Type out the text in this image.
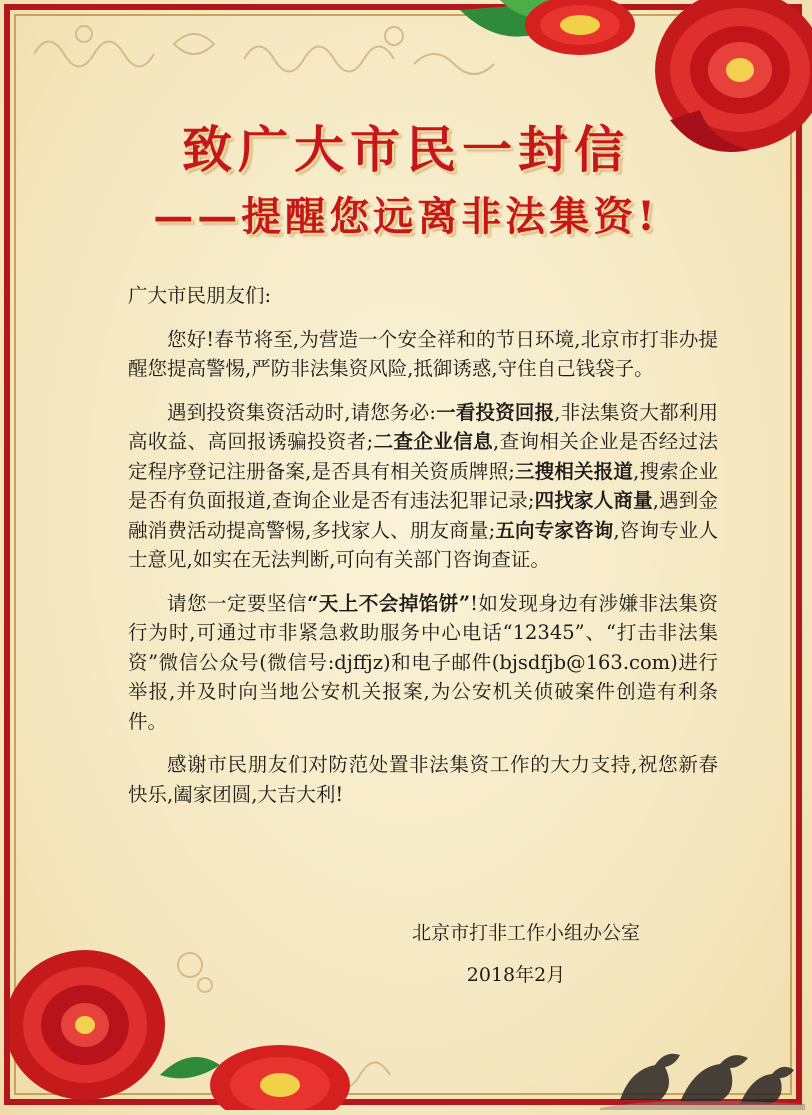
致广大市民一封信
——提醒您远离非法集资!

广大市民朋友们:

您好!春节将至,为营造一个安全祥和的节日环境,北京市打非办提醒您提高警惕,严防非法集资风险,抵御诱惑,守住自己钱袋子。

遇到投资集资活动时,请您务必:一看投资回报,非法集资大都利用高收益、高回报诱骗投资者;二查企业信息,查询相关企业是否经过法定程序登记注册备案,是否具有相关资质牌照;三搜相关报道,搜索企业是否有负面报道,查询企业是否有违法犯罪记录;四找家人商量,遇到金融消费活动提高警惕,多找家人、朋友商量;五向专家咨询,咨询专业人士意见,如实在无法判断,可向有关部门咨询查证。

请您一定要坚信“天上不会掉馅饼”!如发现身边有涉嫌非法集资行为时,可通过市非紧急救助服务中心电话“12345”、“打击非法集资”微信公众号(微信号:djffjz)和电子邮件(bjsdfjb@163.com)进行举报,并及时向当地公安机关报案,为公安机关侦破案件创造有利条件。

感谢市民朋友们对防范处置非法集资工作的大力支持,祝您新春快乐,阖家团圆,大吉大利!

北京市打非工作小组办公室
2018年2月
